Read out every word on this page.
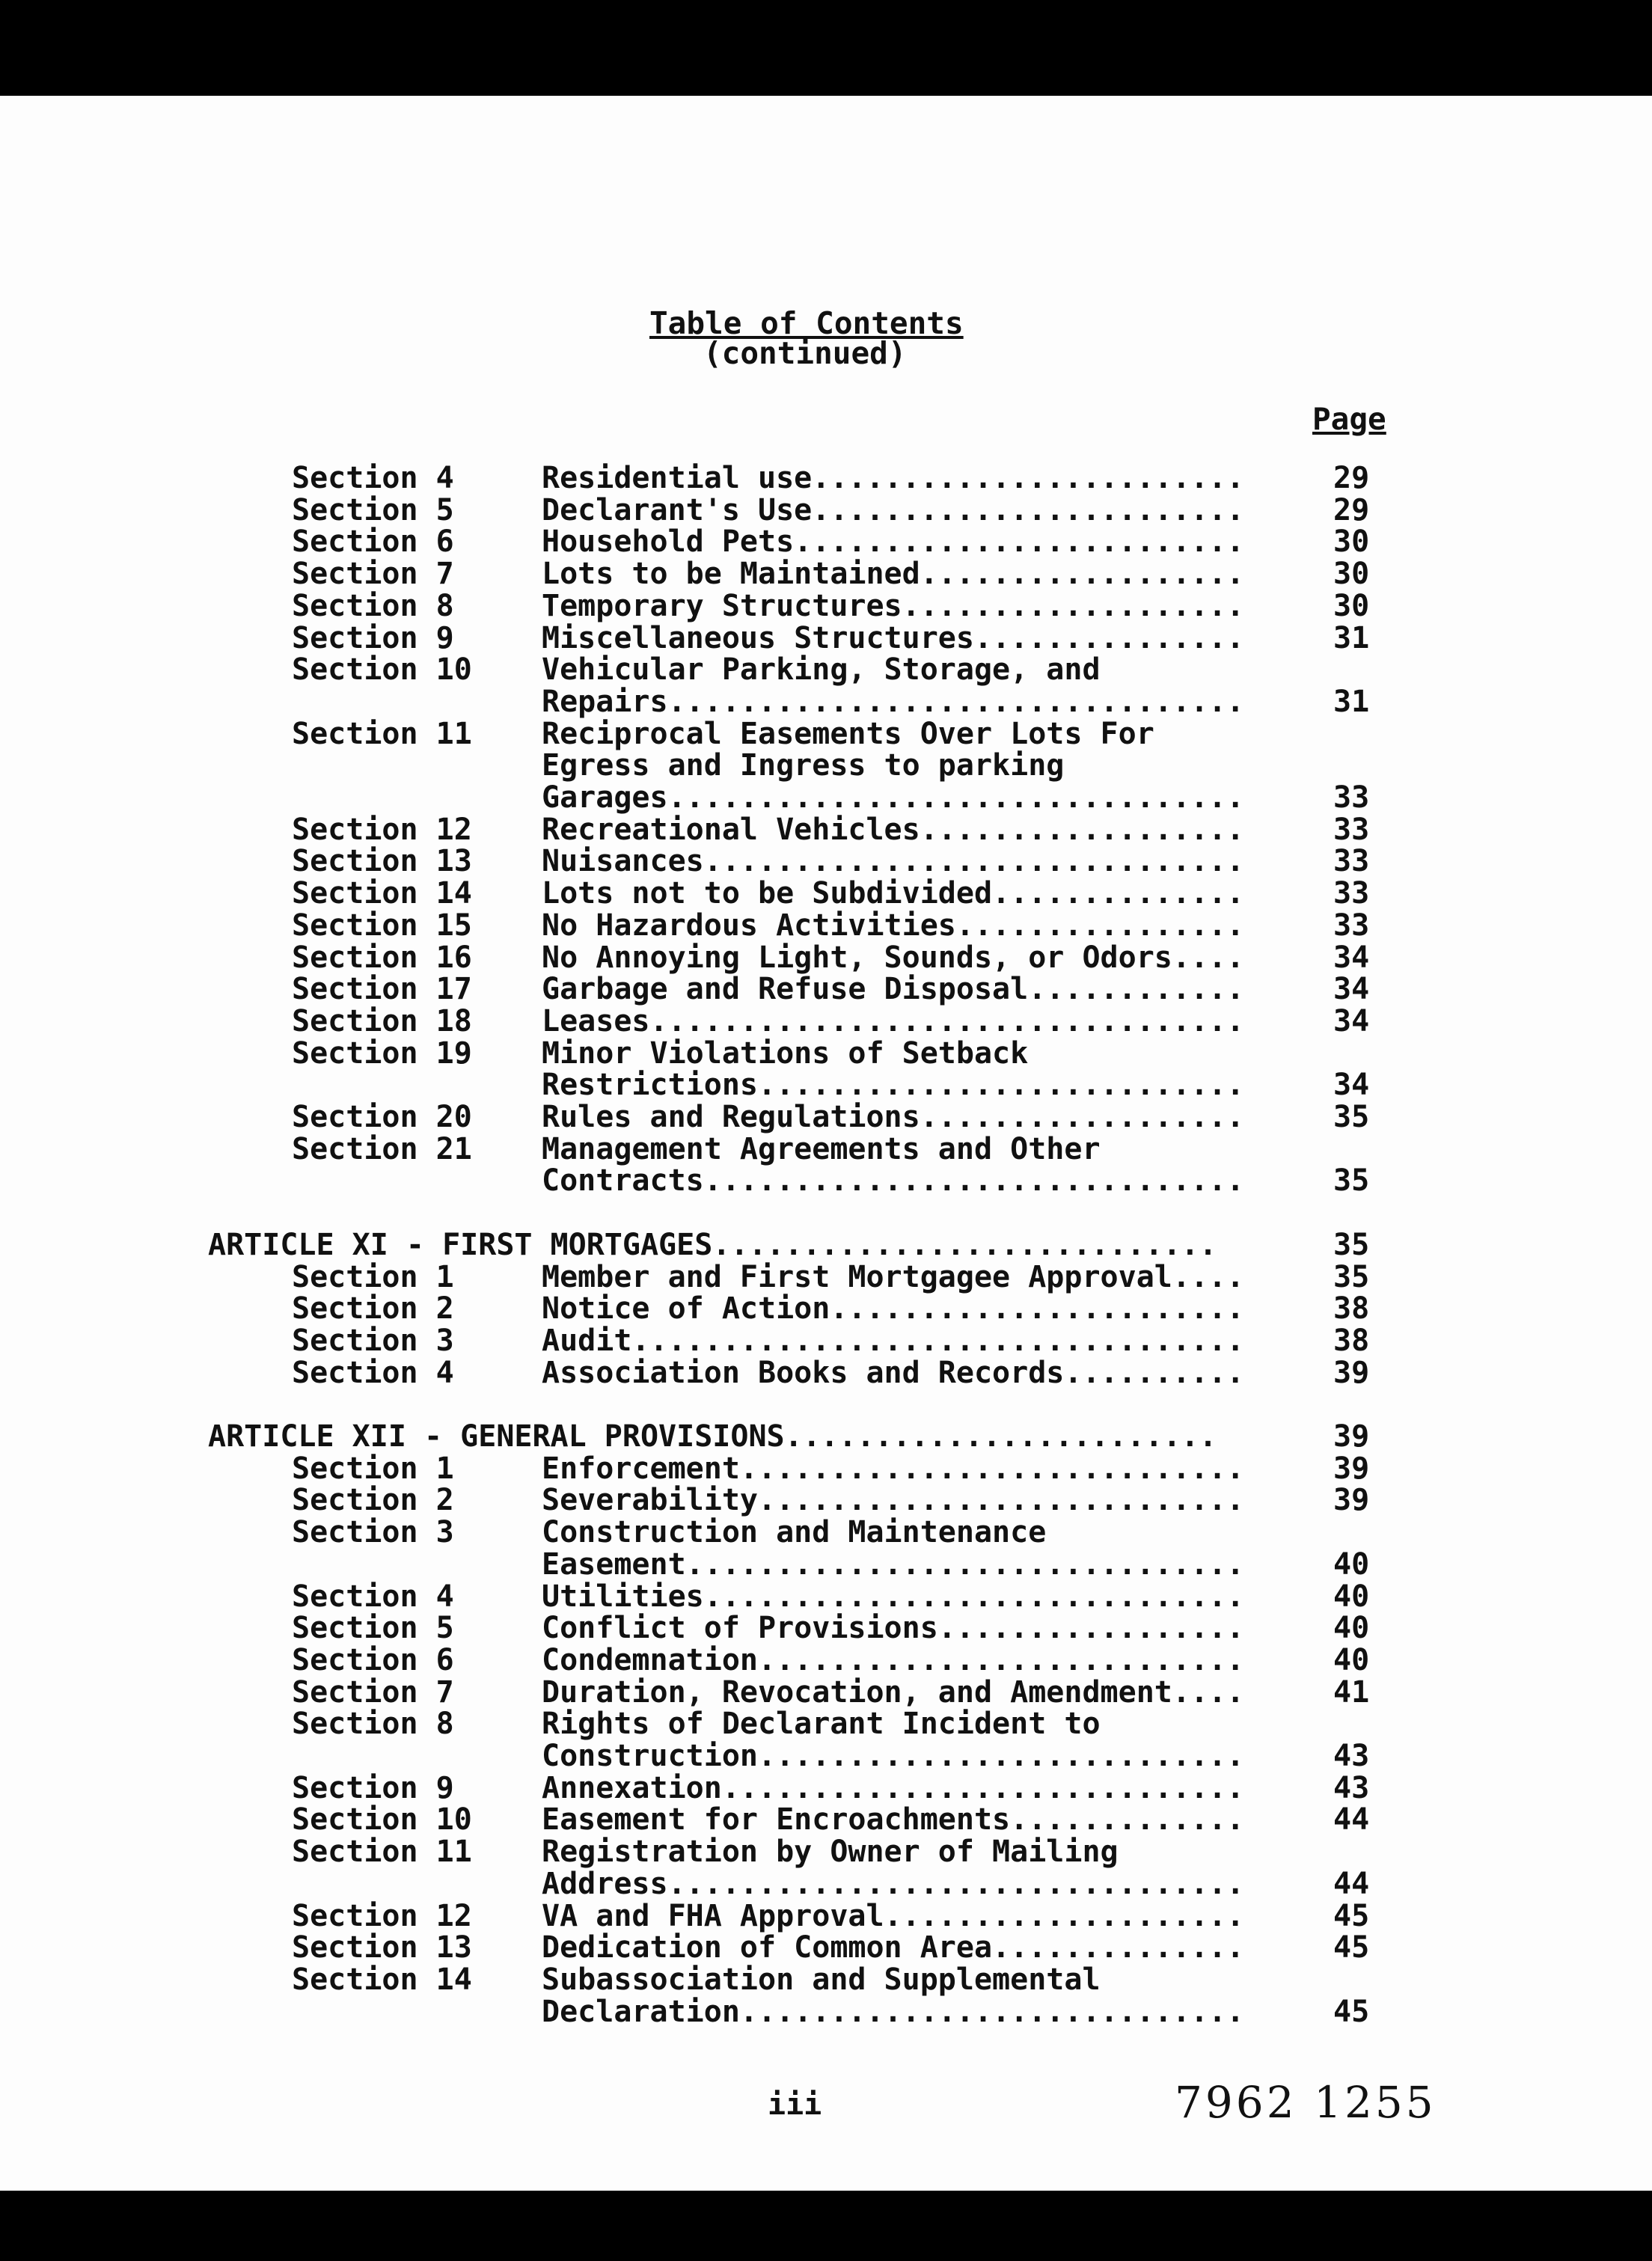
Table of Contents
(continued)
Page
Section 4	Residential use........................	29
Section 5	Declarant's Use........................	29
Section 6	Household Pets.........................	30
Section 7	Lots to be Maintained..................	30
Section 8	Temporary Structures...................	30
Section 9	Miscellaneous Structures...............	31
Section 10 Vehicular Parking, Storage, and
Repairs................................	31
Section 11 Reciprocal Easements Over Lots For
Egress and Ingress to parking
Garages................................	33
Section 12 Recreational Vehicles..................	33
Section 13 Nuisances..............................	33
Section 14 Lots not to be Subdivided..............	33
Section 15 No Hazardous Activities................	33
Section 16 No Annoying Light, Sounds, or Odors....	34
Section 17 Garbage and Refuse Disposal............	34
Section 18 Leases.................................	34
Section 19 Minor Violations of Setback
Restrictions...........................	34
Section 20 Rules and Regulations..................	35
Section 21 Management Agreements and Other
Contracts..............................	35
ARTICLE XI - FIRST MORTGAGES............................	35
Section 1	Member and First Mortgagee Approval....	35
Section 2	Notice of Action.......................	38
Section 3	Audit..................................	38
Section 4	Association Books and Records..........	39
ARTICLE XII - GENERAL PROVISIONS........................	39
Section 1	Enforcement............................	39
Section 2	Severability...........................	39
Section 3	Construction and Maintenance
Easement...............................	40
Section 4	Utilities..............................	40
Section 5	Conflict of Provisions.................	40
Section 6	Condemnation...........................	40
Section 7	Duration, Revocation, and Amendment....	41
Section 8	Rights of Declarant Incident to
Construction...........................	43
Section 9	Annexation.............................	43
Section 10 Easement for Encroachments.............	44
Section 11 Registration by Owner of Mailing
Address................................	44
Section 12 VA and FHA Approval....................	45
Section 13 Dedication of Common Area..............	45
Section 14 Subassociation and Supplemental
Declaration............................	45
iii	7962 1255
